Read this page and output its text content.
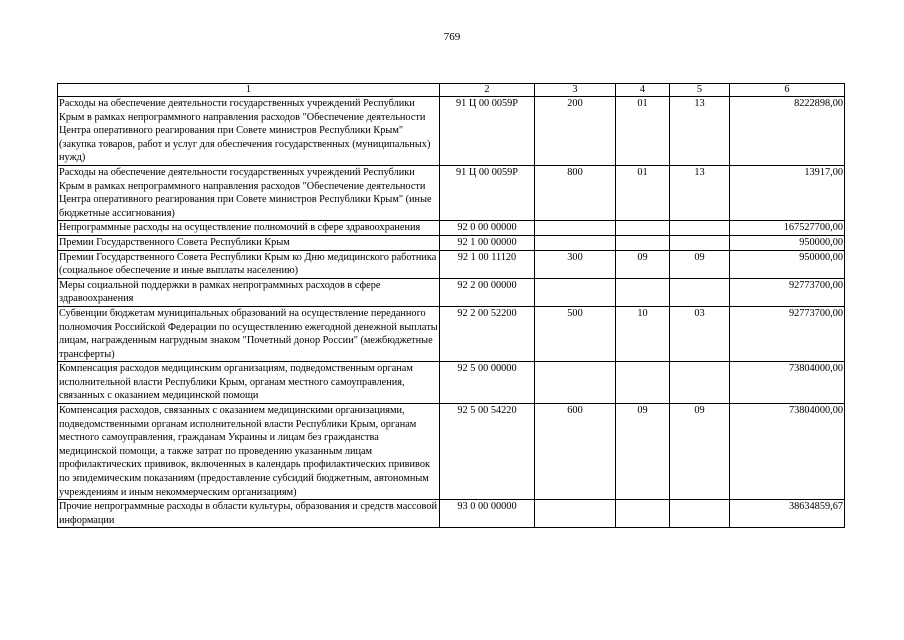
769
1	2	3	4	5	6
Расходы на обеспечение деятельности государственных учреждений Республики Крым в рамках непрограммного направления расходов "Обеспечение деятельности Центра оперативного реагирования при Совете министров Республики Крым" (закупка товаров, работ и услуг для обеспечения государственных (муниципальных) нужд)	91 Ц 00 0059Р	200	01	13	8222898,00
Расходы на обеспечение деятельности государственных учреждений Республики Крым в рамках непрограммного направления расходов "Обеспечение деятельности Центра оперативного реагирования при Совете министров Республики Крым" (иные бюджетные ассигнования)	91 Ц 00 0059Р	800	01	13	13917,00
Непрограммные расходы на осуществление полномочий в сфере здравоохранения	92 0 00 00000				167527700,00
Премии Государственного Совета Республики Крым	92 1 00 00000				950000,00
Премии Государственного Совета Республики Крым ко Дню медицинского работника (социальное обеспечение и иные выплаты населению)	92 1 00 11120	300	09	09	950000,00
Меры социальной поддержки в рамках непрограммных расходов в сфере здравоохранения	92 2 00 00000				92773700,00
Субвенции бюджетам муниципальных образований на осуществление переданного полномочия Российской Федерации по осуществлению ежегодной денежной выплаты лицам, награжденным нагрудным знаком "Почетный донор России" (межбюджетные трансферты)	92 2 00 52200	500	10	03	92773700,00
Компенсация расходов медицинским организациям, подведомственным органам исполнительной власти Республики Крым, органам местного самоуправления, связанных с оказанием медицинской помощи	92 5 00 00000				73804000,00
Компенсация расходов, связанных с оказанием медицинскими организациями, подведомственными органам исполнительной власти Республики Крым, органам местного самоуправления, гражданам Украины и лицам без гражданства медицинской помощи, а также затрат по проведению указанным лицам профилактических прививок, включенных в календарь профилактических прививок по эпидемическим показаниям (предоставление субсидий бюджетным, автономным учреждениям и иным некоммерческим организациям)	92 5 00 54220	600	09	09	73804000,00
Прочие непрограммные расходы в области культуры, образования и средств массовой информации	93 0 00 00000				38634859,67
